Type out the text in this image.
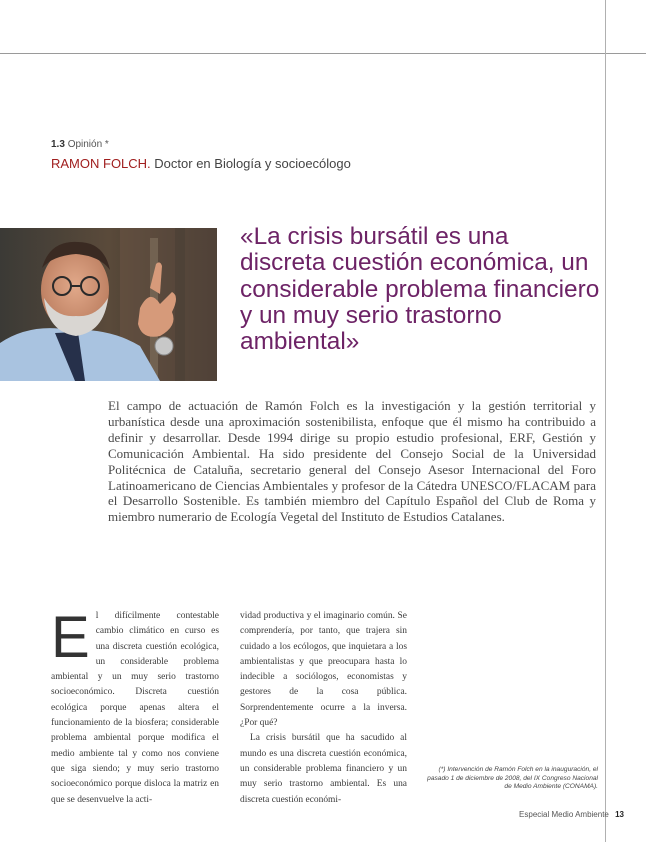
1.3 Opinión *
RAMON FOLCH. Doctor en Biología y socioecólogo
«La crisis bursátil es una discreta cuestión económica, un considerable problema financiero y un muy serio trastorno ambiental»

El campo de actuación de Ramón Folch es la investigación y la gestión territorial y urbanística desde una aproximación sostenibilista, enfoque que él mismo ha contribuido a definir y desarrollar. Desde 1994 dirige su propio estudio profesional, ERF, Gestión y Comunicación Ambiental. Ha sido presidente del Consejo Social de la Universidad Politécnica de Cataluña, secretario general del Consejo Asesor Internacional del Foro Latinoamericano de Ciencias Ambientales y profesor de la Cátedra UNESCO/FLACAM para el Desarrollo Sostenible. Es también miembro del Capítulo Español del Club de Roma y miembro numerario de Ecología Vegetal del Instituto de Estudios Catalanes.

E l difícilmente contestable cambio climático en curso es una discreta cuestión ecológica, un considerable problema ambiental y un muy serio trastorno socioeconómico. Discreta cuestión ecológica porque apenas altera el funcionamiento de la biosfera; considerable problema ambiental porque modifica el medio ambiente tal y como nos conviene que siga siendo; y muy serio trastorno socioeconómico porque disloca la matriz en que se desenvuelve la acti-

vidad productiva y el imaginario común. Se comprendería, por tanto, que trajera sin cuidado a los ecólogos, que inquietara a los ambientalistas y que preocupara hasta lo indecible a sociólogos, economistas y gestores de la cosa pública. Sorprendentemente ocurre a la inversa. ¿Por qué?

La crisis bursátil que ha sacudido al mundo es una discreta cuestión económica, un considerable problema financiero y un muy serio trastorno ambiental. Es una discreta cuestión económi-

(*) Intervención de Ramón Folch en la inauguración, el pasado 1 de diciembre de 2008, del IX Congreso Nacional de Medio Ambiente (CONAMA).

Especial Medio Ambiente 13
